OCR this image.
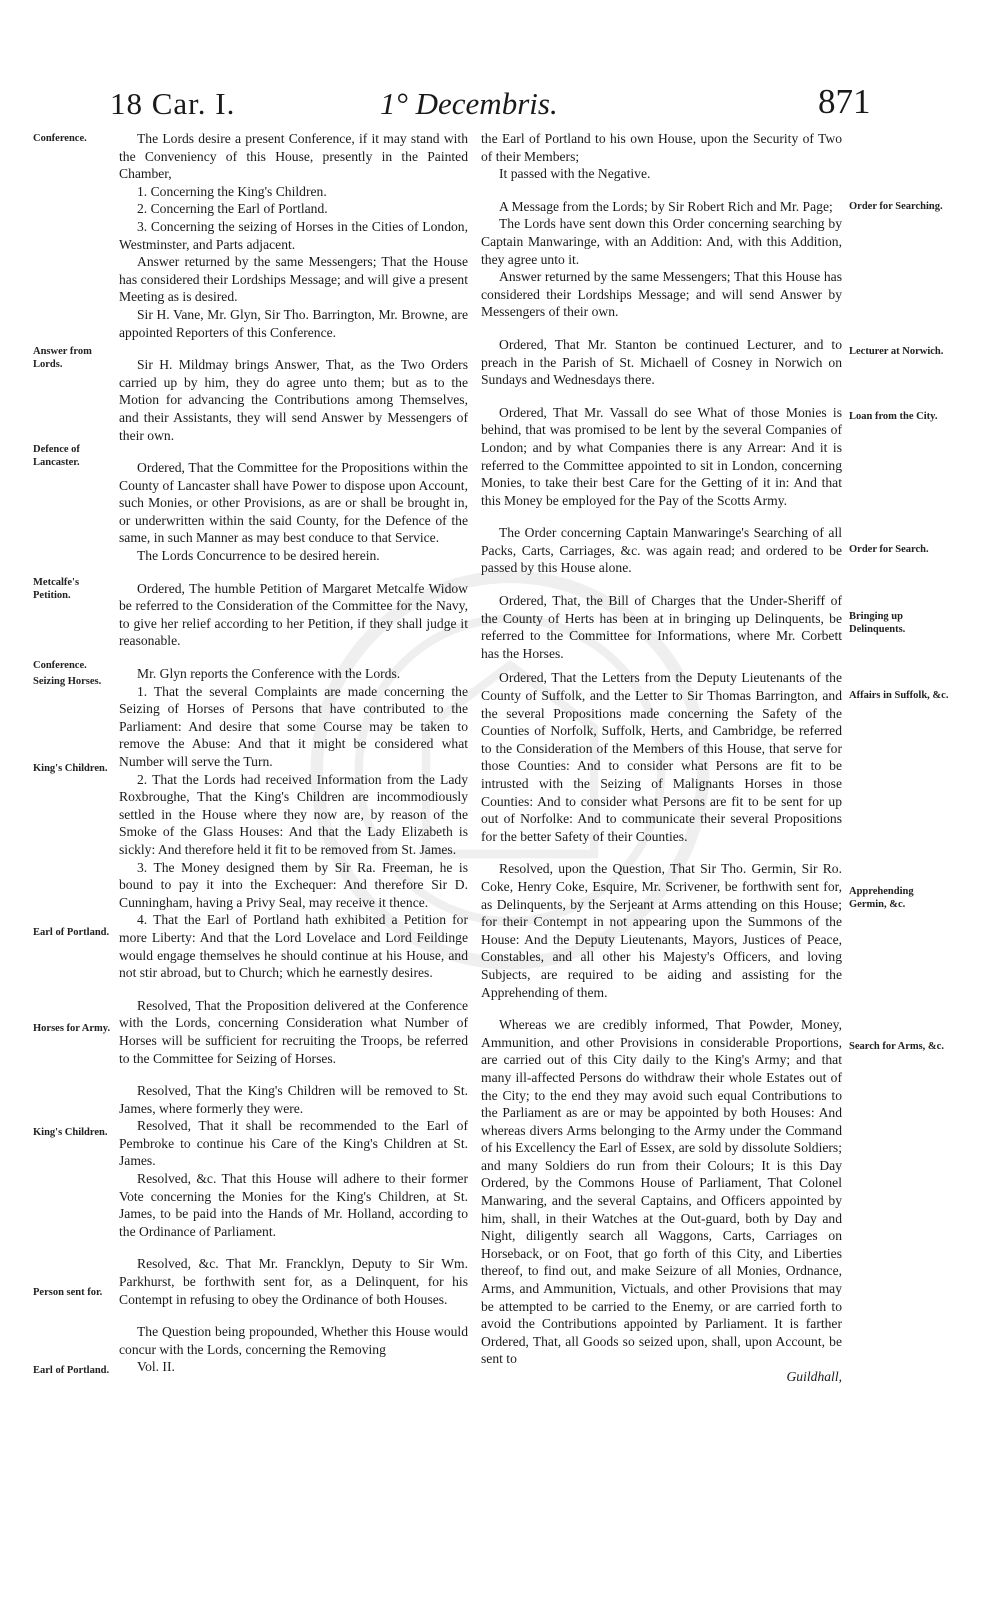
18 Car. I.	1° Decembris.	871
Conference.
Answer from Lords.
Defence of Lancaster.
Metcalfe's Petition.
Conference.
Seizing Horses.
King's Children.
Earl of Portland.
Horses for Army.
King's Children.
Person sent for.
Earl of Portland.
Order for Searching.
Lecturer at Norwich.
Loan from the City.
Order for Search.
Bringing up Delinquents.
Affairs in Suffolk, &c.
Apprehending Germin, &c.
Search for Arms, &c.

The Lords desire a present Conference, if it may stand with the Conveniency of this House, presently in the Painted Chamber,

1. Concerning the King's Children.

2. Concerning the Earl of Portland.

3. Concerning the seizing of Horses in the Cities of London, Westminster, and Parts adjacent.

Answer returned by the same Messengers; That the House has considered their Lordships Message; and will give a present Meeting as is desired.

Sir H. Vane, Mr. Glyn, Sir Tho. Barrington, Mr. Browne, are appointed Reporters of this Conference.

Sir H. Mildmay brings Answer, That, as the Two Orders carried up by him, they do agree unto them; but as to the Motion for advancing the Contributions among Themselves, and their Assistants, they will send Answer by Messengers of their own.

Ordered, That the Committee for the Propositions within the County of Lancaster shall have Power to dispose upon Account, such Monies, or other Provisions, as are or shall be brought in, or underwritten within the said County, for the Defence of the same, in such Manner as may best conduce to that Service.

The Lords Concurrence to be desired herein.

Ordered, The humble Petition of Margaret Metcalfe Widow be referred to the Consideration of the Committee for the Navy, to give her relief according to her Petition, if they shall judge it reasonable.

Mr. Glyn reports the Conference with the Lords.

1. That the several Complaints are made concerning the Seizing of Horses of Persons that have contributed to the Parliament: And desire that some Course may be taken to remove the Abuse: And that it might be considered what Number will serve the Turn.

2. That the Lords had received Information from the Lady Roxbroughe, That the King's Children are incommodiously settled in the House where they now are, by reason of the Smoke of the Glass Houses: And that the Lady Elizabeth is sickly: And therefore held it fit to be removed from St. James.

3. The Money designed them by Sir Ra. Freeman, he is bound to pay it into the Exchequer: And therefore Sir D. Cunningham, having a Privy Seal, may receive it thence.

4. That the Earl of Portland hath exhibited a Petition for more Liberty: And that the Lord Lovelace and Lord Feildinge would engage themselves he should continue at his House, and not stir abroad, but to Church; which he earnestly desires.

Resolved, That the Proposition delivered at the Conference with the Lords, concerning Consideration what Number of Horses will be sufficient for recruiting the Troops, be referred to the Committee for Seizing of Horses.

Resolved, That the King's Children will be removed to St. James, where formerly they were.

Resolved, That it shall be recommended to the Earl of Pembroke to continue his Care of the King's Children at St. James.

Resolved, &c. That this House will adhere to their former Vote concerning the Monies for the King's Children, at St. James, to be paid into the Hands of Mr. Holland, according to the Ordinance of Parliament.

Resolved, &c. That Mr. Francklyn, Deputy to Sir Wm. Parkhurst, be forthwith sent for, as a Delinquent, for his Contempt in refusing to obey the Ordinance of both Houses.

The Question being propounded, Whether this House would concur with the Lords, concerning the Removing

Vol. II.

the Earl of Portland to his own House, upon the Security of Two of their Members;

It passed with the Negative.

A Message from the Lords; by Sir Robert Rich and Mr. Page;

The Lords have sent down this Order concerning searching by Captain Manwaringe, with an Addition: And, with this Addition, they agree unto it.

Answer returned by the same Messengers; That this House has considered their Lordships Message; and will send Answer by Messengers of their own.

Ordered, That Mr. Stanton be continued Lecturer, and to preach in the Parish of St. Michaell of Cosney in Norwich on Sundays and Wednesdays there.

Ordered, That Mr. Vassall do see What of those Monies is behind, that was promised to be lent by the several Companies of London; and by what Companies there is any Arrear: And it is referred to the Committee appointed to sit in London, concerning Monies, to take their best Care for the Getting of it in: And that this Money be employed for the Pay of the Scotts Army.

The Order concerning Captain Manwaringe's Searching of all Packs, Carts, Carriages, &c. was again read; and ordered to be passed by this House alone.

Ordered, That, the Bill of Charges that the Under-Sheriff of the County of Herts has been at in bringing up Delinquents, be referred to the Committee for Informations, where Mr. Corbett has the Horses.

Ordered, That the Letters from the Deputy Lieutenants of the County of Suffolk, and the Letter to Sir Thomas Barrington, and the several Propositions made concerning the Safety of the Counties of Norfolk, Suffolk, Herts, and Cambridge, be referred to the Consideration of the Members of this House, that serve for those Counties: And to consider what Persons are fit to be intrusted with the Seizing of Malignants Horses in those Counties: And to consider what Persons are fit to be sent for up out of Norfolke: And to communicate their several Propositions for the better Safety of their Counties.

Resolved, upon the Question, That Sir Tho. Germin, Sir Ro. Coke, Henry Coke, Esquire, Mr. Scrivener, be forthwith sent for, as Delinquents, by the Serjeant at Arms attending on this House; for their Contempt in not appearing upon the Summons of the House: And the Deputy Lieutenants, Mayors, Justices of Peace, Constables, and all other his Majesty's Officers, and loving Subjects, are required to be aiding and assisting for the Apprehending of them.

Whereas we are credibly informed, That Powder, Money, Ammunition, and other Provisions in considerable Proportions, are carried out of this City daily to the King's Army; and that many ill-affected Persons do withdraw their whole Estates out of the City; to the end they may avoid such equal Contributions to the Parliament as are or may be appointed by both Houses: And whereas divers Arms belonging to the Army under the Command of his Excellency the Earl of Essex, are sold by dissolute Soldiers; and many Soldiers do run from their Colours; It is this Day Ordered, by the Commons House of Parliament, That Colonel Manwaring, and the several Captains, and Officers appointed by him, shall, in their Watches at the Out-guard, both by Day and Night, diligently search all Waggons, Carts, Carriages on Horseback, or on Foot, that go forth of this City, and Liberties thereof, to find out, and make Seizure of all Monies, Ordnance, Arms, and Ammunition, Victuals, and other Provisions that may be attempted to be carried to the Enemy, or are carried forth to avoid the Contributions appointed by Parliament. It is farther Ordered, That, all Goods so seized upon, shall, upon Account, be sent to

Guildhall,
